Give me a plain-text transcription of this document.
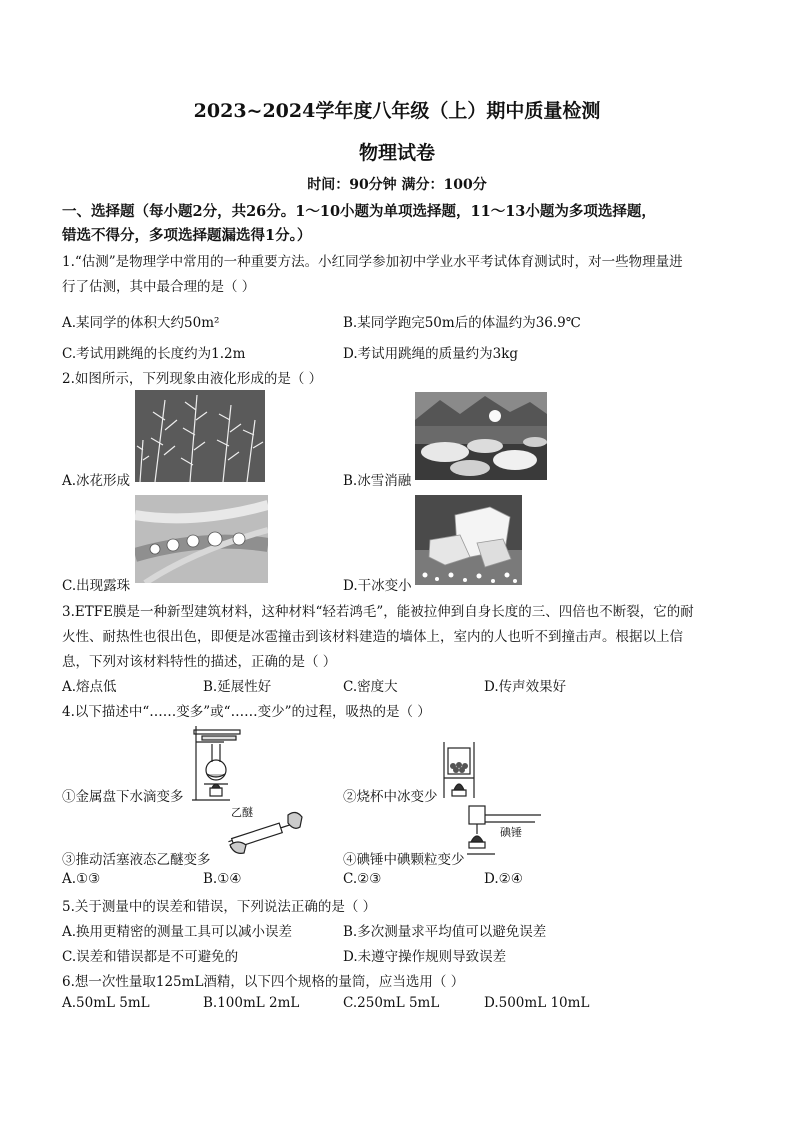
2023~2024学年度八年级（上）期中质量检测
物理试卷
时间：90分钟 满分：100分
一、选择题（每小题2分，共26分。1～10小题为单项选择题，11～13小题为多项选择题，
错选不得分，多项选择题漏选得1分。）
1.“估测”是物理学中常用的一种重要方法。小红同学参加初中学业水平考试体育测试时，对一些物理量进
行了估测，其中最合理的是（ ）
A.某同学的体积大约50m²	B.某同学跑完50m后的体温约为36.9℃
C.考试用跳绳的长度约为1.2m	D.考试用跳绳的质量约为3kg
2.如图所示，下列现象由液化形成的是（ ）
A.冰花形成	B.冰雪消融
C.出现露珠	D.干冰变小
3.ETFE膜是一种新型建筑材料，这种材料“轻若鸿毛”，能被拉伸到自身长度的三、四倍也不断裂，它的耐
火性、耐热性也很出色，即便是冰雹撞击到该材料建造的墙体上，室内的人也听不到撞击声。根据以上信
息，下列对该材料特性的描述，正确的是（ ）
A.熔点低	B.延展性好	C.密度大	D.传声效果好
4.以下描述中“……变多”或“……变少”的过程，吸热的是（ ）
①金属盘下水滴变多	②烧杯中冰变少
乙醚
③推动活塞液态乙醚变多
碘锤
④碘锤中碘颗粒变少
A.①③	B.①④	C.②③	D.②④
5.关于测量中的误差和错误，下列说法正确的是（ ）
A.换用更精密的测量工具可以减小误差	B.多次测量求平均值可以避免误差
C.误差和错误都是不可避免的	D.未遵守操作规则导致误差
6.想一次性量取125mL酒精，以下四个规格的量筒，应当选用（ ）
A.50mL 5mL	B.100mL 2mL	C.250mL 5mL	D.500mL 10mL
